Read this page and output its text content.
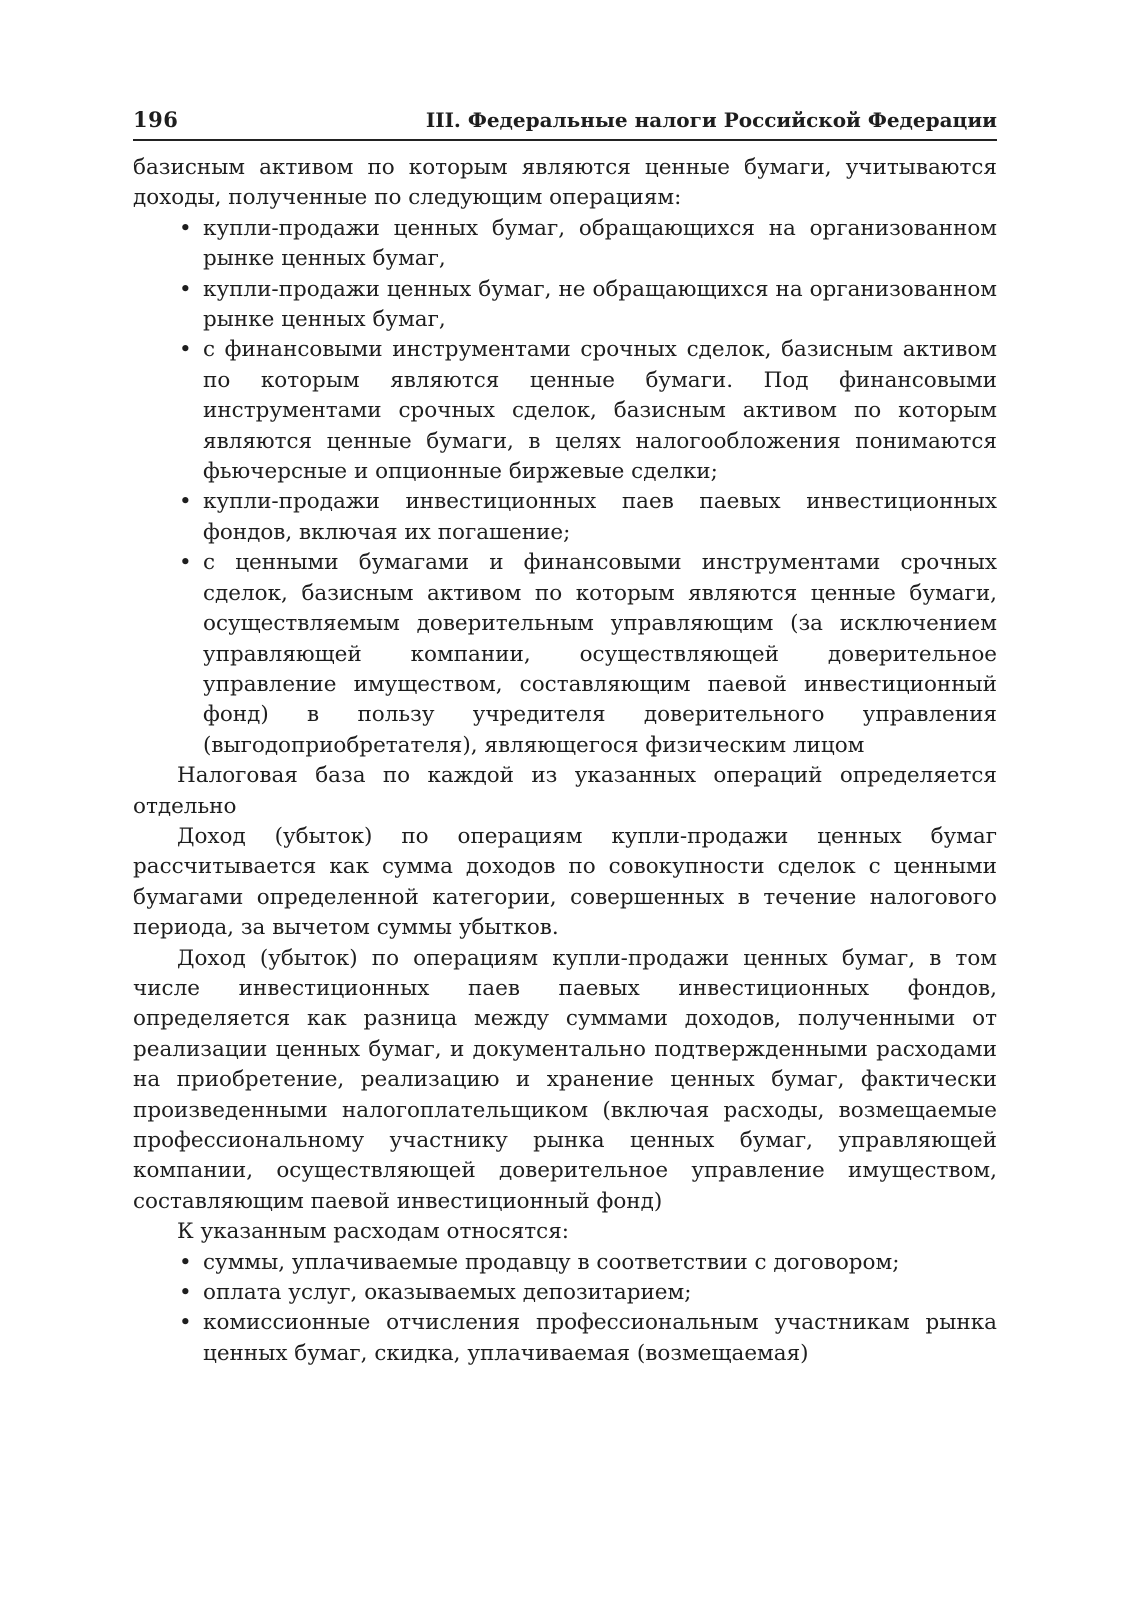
196	III. Федеральные налоги Российской Федерации

базисным активом по которым являются ценные бумаги, учитываются доходы, полученные по следующим операциям:

• купли-продажи ценных бумаг, обращающихся на организованном рынке ценных бумаг,
• купли-продажи ценных бумаг, не обращающихся на организованном рынке ценных бумаг,
• с финансовыми инструментами срочных сделок, базисным активом по которым являются ценные бумаги. Под финансовыми инструментами срочных сделок, базисным активом по которым являются ценные бумаги, в целях налогообложения понимаются фьючерсные и опционные биржевые сделки;
• купли-продажи инвестиционных паев паевых инвестиционных фондов, включая их погашение;
• с ценными бумагами и финансовыми инструментами срочных сделок, базисным активом по которым являются ценные бумаги, осуществляемым доверительным управляющим (за исключением управляющей компании, осуществляющей доверительное управление имуществом, составляющим паевой инвестиционный фонд) в пользу учредителя доверительного управления (выгодоприобретателя), являющегося физическим лицом

Налоговая база по каждой из указанных операций определяется отдельно

Доход (убыток) по операциям купли-продажи ценных бумаг рассчитывается как сумма доходов по совокупности сделок с ценными бумагами определенной категории, совершенных в течение налогового периода, за вычетом суммы убытков.

Доход (убыток) по операциям купли-продажи ценных бумаг, в том числе инвестиционных паев паевых инвестиционных фондов, определяется как разница между суммами доходов, полученными от реализации ценных бумаг, и документально подтвержденными расходами на приобретение, реализацию и хранение ценных бумаг, фактически произведенными налогоплательщиком (включая расходы, возмещаемые профессиональному участнику рынка ценных бумаг, управляющей компании, осуществляющей доверительное управление имуществом, составляющим паевой инвестиционный фонд)

К указанным расходам относятся:

• суммы, уплачиваемые продавцу в соответствии с договором;
• оплата услуг, оказываемых депозитарием;
• комиссионные отчисления профессиональным участникам рынка ценных бумаг, скидка, уплачиваемая (возмещаемая)
